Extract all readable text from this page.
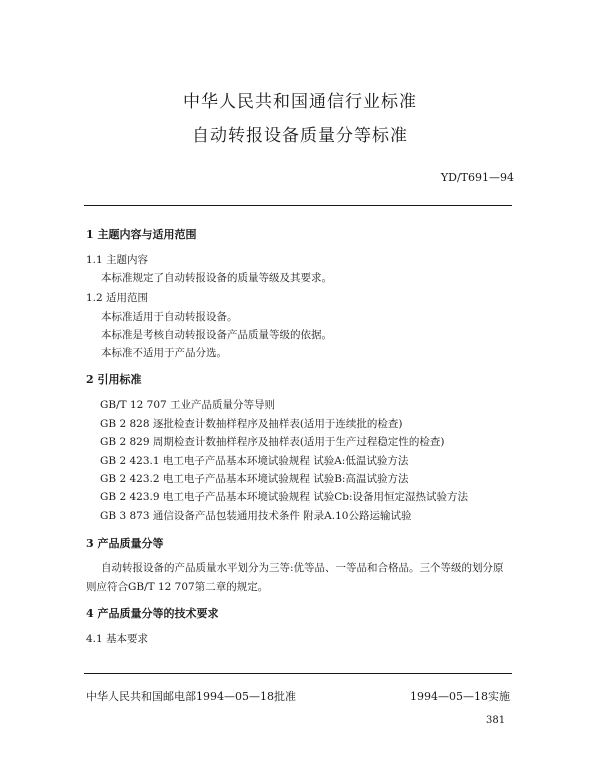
中华人民共和国通信行业标准
自动转报设备质量分等标准
YD/T691—94
1 主题内容与适用范围
1.1 主题内容
本标准规定了自动转报设备的质量等级及其要求。
1.2 适用范围
本标准适用于自动转报设备。
本标准是考核自动转报设备产品质量等级的依据。
本标准不适用于产品分选。
2 引用标准
GB/T 12 707 工业产品质量分等导则
GB 2 828 逐批检查计数抽样程序及抽样表(适用于连续批的检查)
GB 2 829 周期检查计数抽样程序及抽样表(适用于生产过程稳定性的检查)
GB 2 423.1 电工电子产品基本环境试验规程 试验A:低温试验方法
GB 2 423.2 电工电子产品基本环境试验规程 试验B:高温试验方法
GB 2 423.9 电工电子产品基本环境试验规程 试验Cb:设备用恒定湿热试验方法
GB 3 873 通信设备产品包装通用技术条件 附录A.10公路运输试验
3 产品质量分等
自动转报设备的产品质量水平划分为三等:优等品、一等品和合格品。三个等级的划分原
则应符合GB/T 12 707第二章的规定。
4 产品质量分等的技术要求
4.1 基本要求
中华人民共和国邮电部1994—05—18批准	1994—05—18实施
381
